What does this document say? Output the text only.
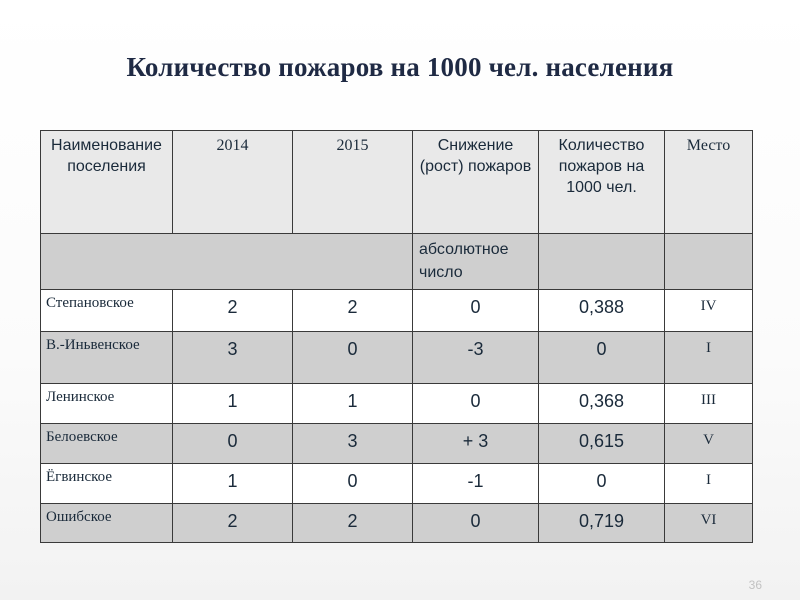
Количество пожаров на 1000 чел. населения
Наименование поселения	2014	2015	Снижение (рост) пожаров	Количество пожаров на 1000 чел.	Место
			абсолютное число		
Степановское	2	2	0	0,388	IV
В.-Иньвенское	3	0	-3	0	I
Ленинское	1	1	0	0,368	III
Белоевское	0	3	+ 3	0,615	V
Ёгвинское	1	0	-1	0	I
Ошибское	2	2	0	0,719	VI
36
